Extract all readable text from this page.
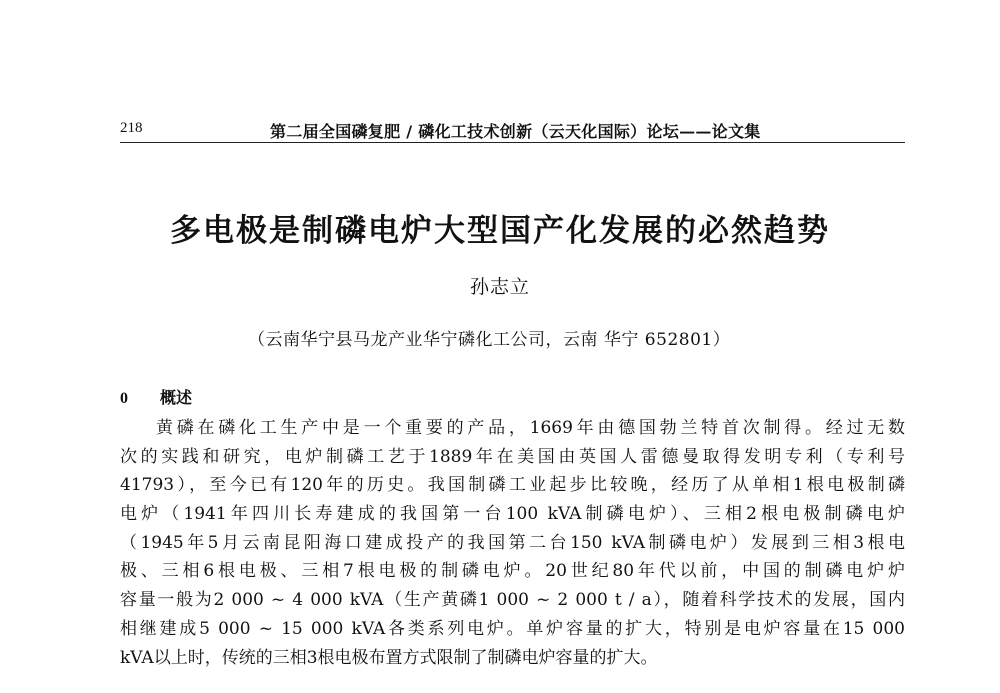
218	第二届全国磷复肥 / 磷化工技术创新（云天化国际）论坛——论文集
多电极是制磷电炉大型国产化发展的必然趋势
孙志立
（云南华宁县马龙产业华宁磷化工公司，云南 华宁 652801）
0 概述
黄磷在磷化工生产中是一个重要的产品，1669年由德国勃兰特首次制得。经过无数
次的实践和研究，电炉制磷工艺于1889年在美国由英国人雷德曼取得发明专利（专利号
41793），至今已有120年的历史。我国制磷工业起步比较晚，经历了从单相1根电极制磷
电炉（1941年四川长寿建成的我国第一台100 kVA制磷电炉）、三相2根电极制磷电炉
（1945年5月云南昆阳海口建成投产的我国第二台150 kVA制磷电炉）发展到三相3根电
极、三相6根电极、三相7根电极的制磷电炉。20世纪80年代以前，中国的制磷电炉炉
容量一般为2 000 ~ 4 000 kVA（生产黄磷1 000 ~ 2 000 t / a），随着科学技术的发展，国内
相继建成5 000 ~ 15 000 kVA各类系列电炉。单炉容量的扩大，特别是电炉容量在15 000
kVA以上时，传统的三相3根电极布置方式限制了制磷电炉容量的扩大。
